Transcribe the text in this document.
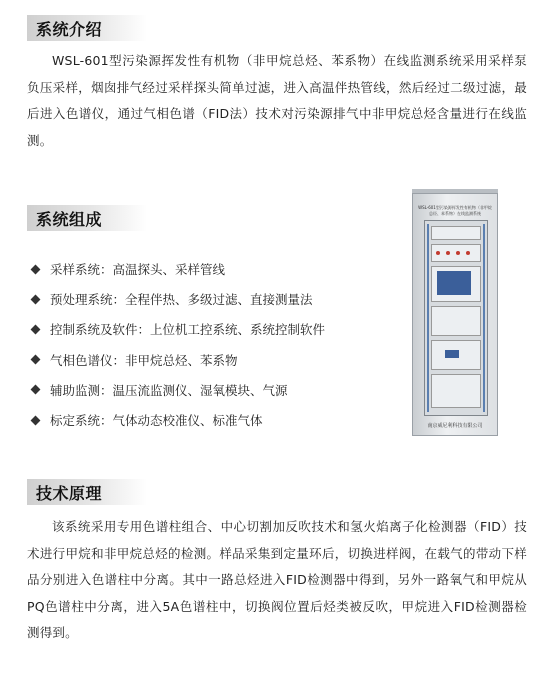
系统介绍

WSL-601型污染源挥发性有机物（非甲烷总烃、苯系物）在线监测系统采用采样泵负压采样，烟囱排气经过采样探头简单过滤，进入高温伴热管线，然后经过二级过滤，最后进入色谱仪，通过气相色谱（FID法）技术对污染源排气中非甲烷总烃含量进行在线监测。

系统组成
采样系统：高温探头、采样管线
预处理系统：全程伴热、多级过滤、直接测量法
控制系统及软件：上位机工控系统、系统控制软件
气相色谱仪：非甲烷总烃、苯系物
辅助监测：温压流监测仪、湿氧模块、气源
标定系统：气体动态校准仪、标准气体
WSL-601型污染源挥发性有机物（非甲烷总烃、苯系物）在线监测系统
南京威尼利科技有限公司
技术原理

该系统采用专用色谱柱组合、中心切割加反吹技术和氢火焰离子化检测器（FID）技术进行甲烷和非甲烷总烃的检测。样品采集到定量环后，切换进样阀，在载气的带动下样品分别进入色谱柱中分离。其中一路总烃进入FID检测器中得到，另外一路氧气和甲烷从PQ色谱柱中分离，进入5A色谱柱中，切换阀位置后烃类被反吹，甲烷进入FID检测器检测得到。
